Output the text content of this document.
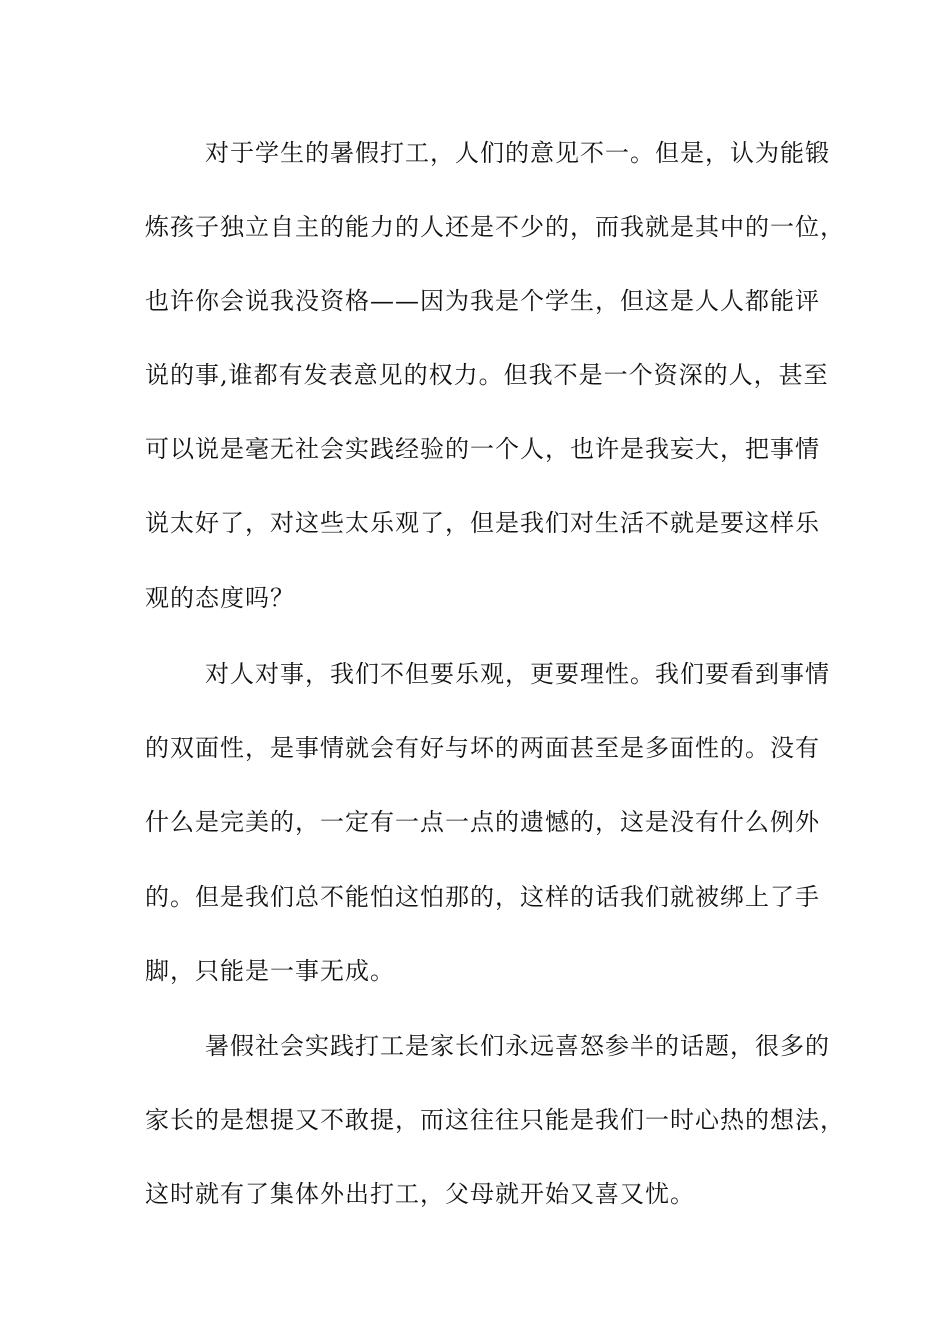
对于学生的暑假打工，人们的意见不一。但是，认为能锻
炼孩子独立自主的能力的人还是不少的，而我就是其中的一位，
也许你会说我没资格——因为我是个学生，但这是人人都能评
说的事,谁都有发表意见的权力。但我不是一个资深的人，甚至
可以说是毫无社会实践经验的一个人，也许是我妄大，把事情
说太好了，对这些太乐观了，但是我们对生活不就是要这样乐
观的态度吗？
对人对事，我们不但要乐观，更要理性。我们要看到事情
的双面性，是事情就会有好与坏的两面甚至是多面性的。没有
什么是完美的，一定有一点一点的遗憾的，这是没有什么例外
的。但是我们总不能怕这怕那的，这样的话我们就被绑上了手
脚，只能是一事无成。
暑假社会实践打工是家长们永远喜怒参半的话题，很多的
家长的是想提又不敢提，而这往往只能是我们一时心热的想法，
这时就有了集体外出打工，父母就开始又喜又忧。
